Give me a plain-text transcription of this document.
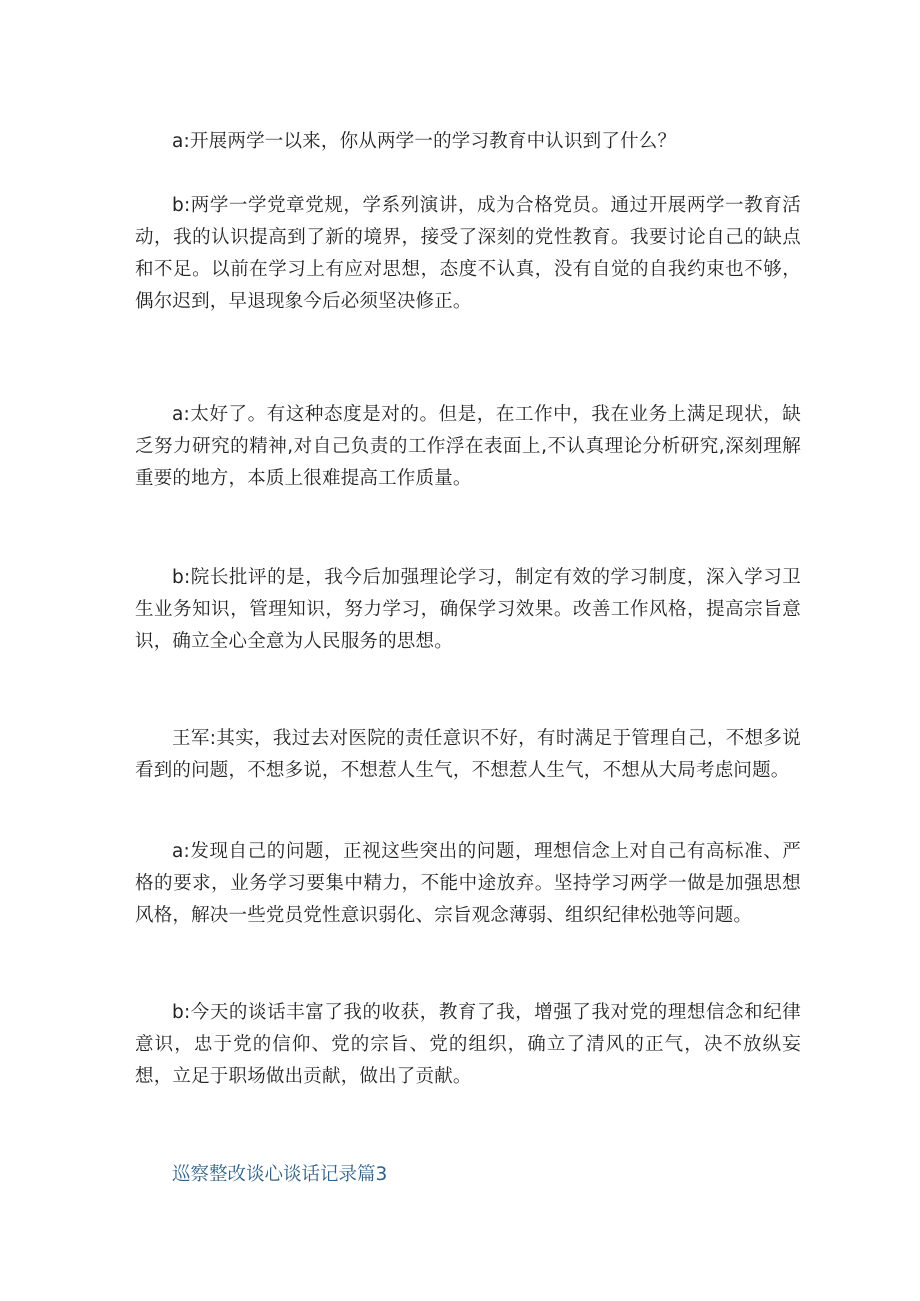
a:开展两学一以来，你从两学一的学习教育中认识到了什么？

b:两学一学党章党规，学系列演讲，成为合格党员。通过开展两学一教育活动，我的认识提高到了新的境界，接受了深刻的党性教育。我要讨论自己的缺点和不足。以前在学习上有应对思想，态度不认真，没有自觉的自我约束也不够，偶尔迟到，早退现象今后必须坚决修正。

a:太好了。有这种态度是对的。但是，在工作中，我在业务上满足现状，缺乏努力研究的精神,对自己负责的工作浮在表面上,不认真理论分析研究,深刻理解重要的地方，本质上很难提高工作质量。

b:院长批评的是，我今后加强理论学习，制定有效的学习制度，深入学习卫生业务知识，管理知识，努力学习，确保学习效果。改善工作风格，提高宗旨意识，确立全心全意为人民服务的思想。

王军:其实，我过去对医院的责任意识不好，有时满足于管理自己，不想多说看到的问题，不想多说，不想惹人生气，不想惹人生气，不想从大局考虑问题。

a:发现自己的问题，正视这些突出的问题，理想信念上对自己有高标准、严格的要求，业务学习要集中精力，不能中途放弃。坚持学习两学一做是加强思想风格，解决一些党员党性意识弱化、宗旨观念薄弱、组织纪律松弛等问题。

b:今天的谈话丰富了我的收获，教育了我，增强了我对党的理想信念和纪律意识，忠于党的信仰、党的宗旨、党的组织，确立了清风的正气，决不放纵妄想，立足于职场做出贡献，做出了贡献。

巡察整改谈心谈话记录篇3
